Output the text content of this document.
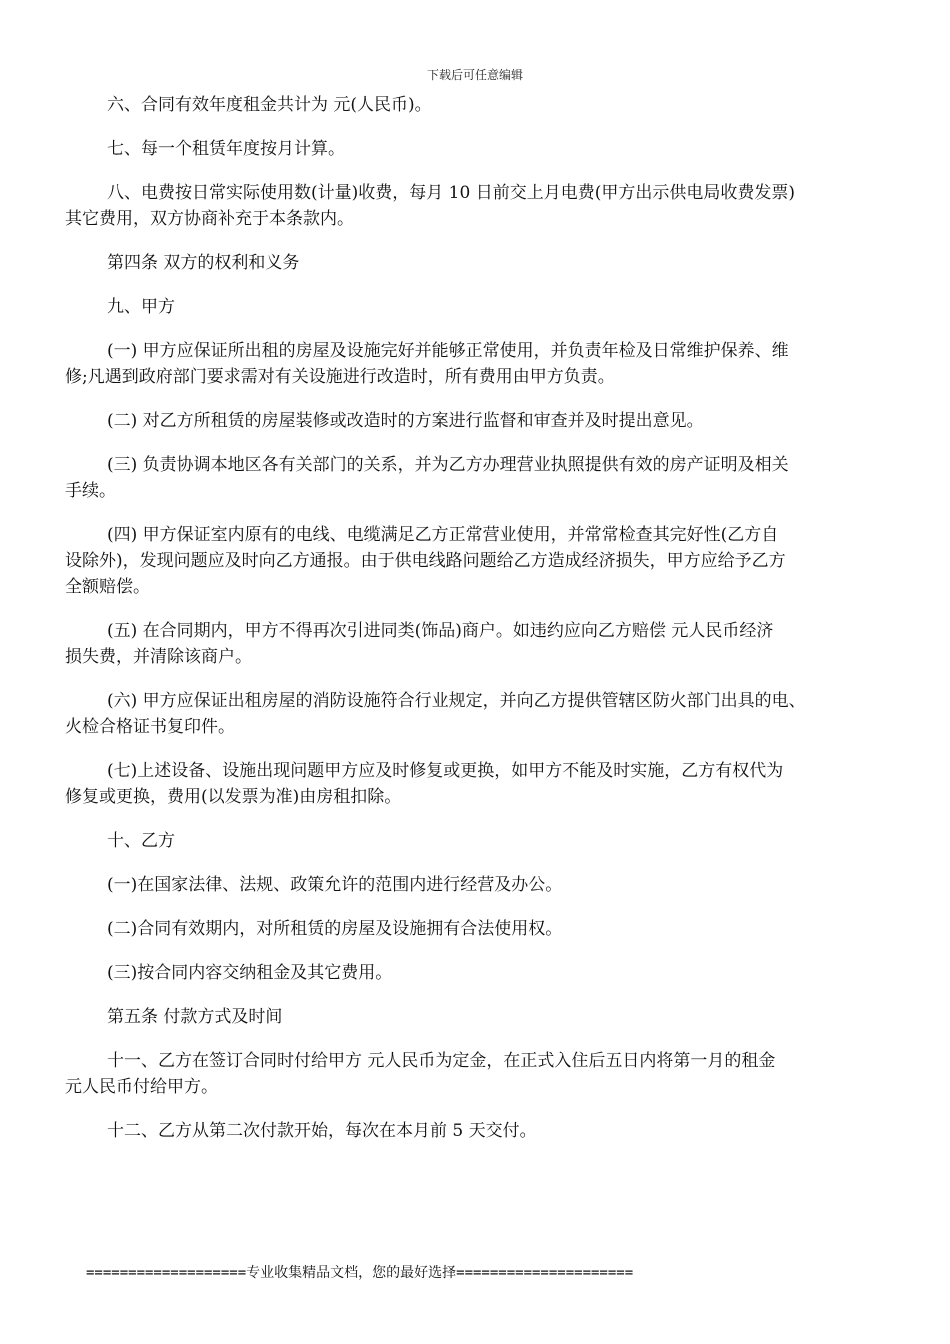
下载后可任意编辑
六、合同有效年度租金共计为 元(人民币)。
七、每一个租赁年度按月计算。
八、电费按日常实际使用数(计量)收费，每月 10 日前交上月电费(甲方出示供电局收费发票)
其它费用，双方协商补充于本条款内。
第四条 双方的权利和义务
九、甲方
(一) 甲方应保证所出租的房屋及设施完好并能够正常使用，并负责年检及日常维护保养、维
修;凡遇到政府部门要求需对有关设施进行改造时，所有费用由甲方负责。
(二) 对乙方所租赁的房屋装修或改造时的方案进行监督和审查并及时提出意见。
(三) 负责协调本地区各有关部门的关系，并为乙方办理营业执照提供有效的房产证明及相关
手续。
(四) 甲方保证室内原有的电线、电缆满足乙方正常营业使用，并常常检查其完好性(乙方自
设除外)，发现问题应及时向乙方通报。由于供电线路问题给乙方造成经济损失，甲方应给予乙方
全额赔偿。
(五) 在合同期内，甲方不得再次引进同类(饰品)商户。如违约应向乙方赔偿 元人民币经济
损失费，并清除该商户。
(六) 甲方应保证出租房屋的消防设施符合行业规定，并向乙方提供管辖区防火部门出具的电、
火检合格证书复印件。
(七)上述设备、设施出现问题甲方应及时修复或更换，如甲方不能及时实施，乙方有权代为
修复或更换，费用(以发票为准)由房租扣除。
十、乙方
(一)在国家法律、法规、政策允许的范围内进行经营及办公。
(二)合同有效期内，对所租赁的房屋及设施拥有合法使用权。
(三)按合同内容交纳租金及其它费用。
第五条 付款方式及时间
十一、乙方在签订合同时付给甲方 元人民币为定金，在正式入住后五日内将第一月的租金
元人民币付给甲方。
十二、乙方从第二次付款开始，每次在本月前 5 天交付。
===================专业收集精品文档，您的最好选择=====================
